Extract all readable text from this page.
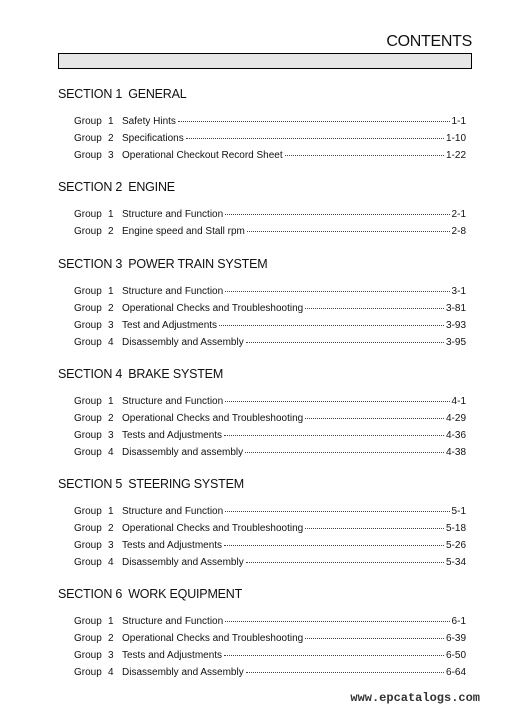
CONTENTS
SECTION 1 GENERAL
Group 1 Safety Hints	1-1
Group 2 Specifications	1-10
Group 3 Operational Checkout Record Sheet	1-22
SECTION 2 ENGINE
Group 1 Structure and Function	2-1
Group 2 Engine speed and Stall rpm	2-8
SECTION 3 POWER TRAIN SYSTEM
Group 1 Structure and Function	3-1
Group 2 Operational Checks and Troubleshooting	3-81
Group 3 Test and Adjustments	3-93
Group 4 Disassembly and Assembly	3-95
SECTION 4 BRAKE SYSTEM
Group 1 Structure and Function	4-1
Group 2 Operational Checks and Troubleshooting	4-29
Group 3 Tests and Adjustments	4-36
Group 4 Disassembly and assembly	4-38
SECTION 5 STEERING SYSTEM
Group 1 Structure and Function	5-1
Group 2 Operational Checks and Troubleshooting	5-18
Group 3 Tests and Adjustments	5-26
Group 4 Disassembly and Assembly	5-34
SECTION 6 WORK EQUIPMENT
Group 1 Structure and Function	6-1
Group 2 Operational Checks and Troubleshooting	6-39
Group 3 Tests and Adjustments	6-50
Group 4 Disassembly and Assembly	6-64
www.epcatalogs.com
